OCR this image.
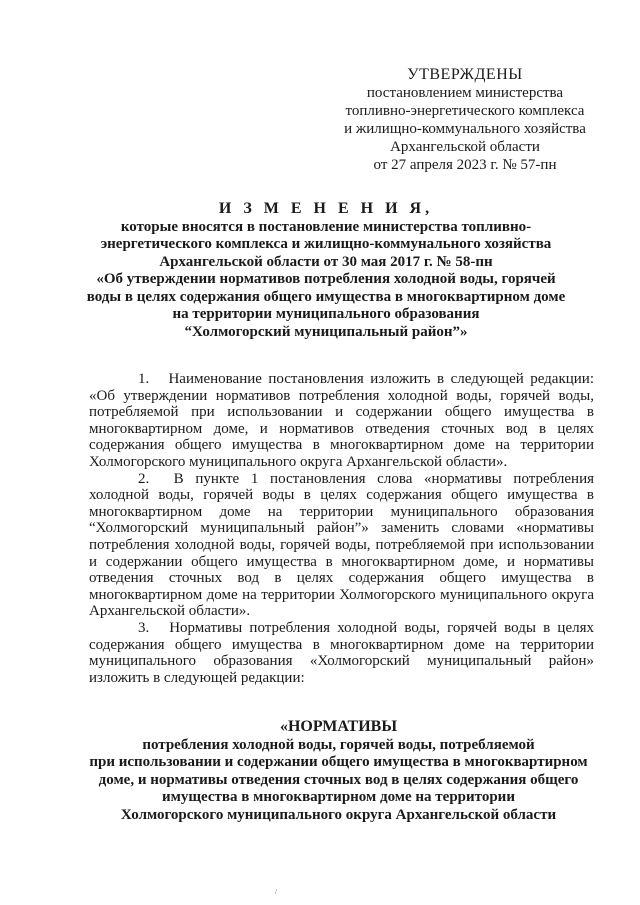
УТВЕРЖДЕНЫ
постановлением министерства
топливно-энергетического комплекса
и жилищно-коммунального хозяйства
Архангельской области
от 27 апреля 2023 г. № 57-пн
И З М Е Н Е Н И Я,
которые вносятся в постановление министерства топливно-
энергетического комплекса и жилищно-коммунального хозяйства
Архангельской области от 30 мая 2017 г. № 58-пн
«Об утверждении нормативов потребления холодной воды, горячей
воды в целях содержания общего имущества в многоквартирном доме
на территории муниципального образования
“Холмогорский муниципальный район”»

1. Наименование постановления изложить в следующей редакции: «Об утверждении нормативов потребления холодной воды, горячей воды, потребляемой при использовании и содержании общего имущества в многоквартирном доме, и нормативов отведения сточных вод в целях содержания общего имущества в многоквартирном доме на территории Холмогорского муниципального округа Архангельской области».

2. В пункте 1 постановления слова «нормативы потребления холодной воды, горячей воды в целях содержания общего имущества в многоквартирном доме на территории муниципального образования “Холмогорский муниципальный район”» заменить словами «нормативы потребления холодной воды, горячей воды, потребляемой при использовании и содержании общего имущества в многоквартирном доме, и нормативы отведения сточных вод в целях содержания общего имущества в многоквартирном доме на территории Холмогорского муниципального округа Архангельской области».

3. Нормативы потребления холодной воды, горячей воды в целях содержания общего имущества в многоквартирном доме на территории муниципального образования «Холмогорский муниципальный район» изложить в следующей редакции:

«НОРМАТИВЫ
потребления холодной воды, горячей воды, потребляемой
при использовании и содержании общего имущества в многоквартирном
доме, и нормативы отведения сточных вод в целях содержания общего
имущества в многоквартирном доме на территории
Холмогорского муниципального округа Архангельской области
/
